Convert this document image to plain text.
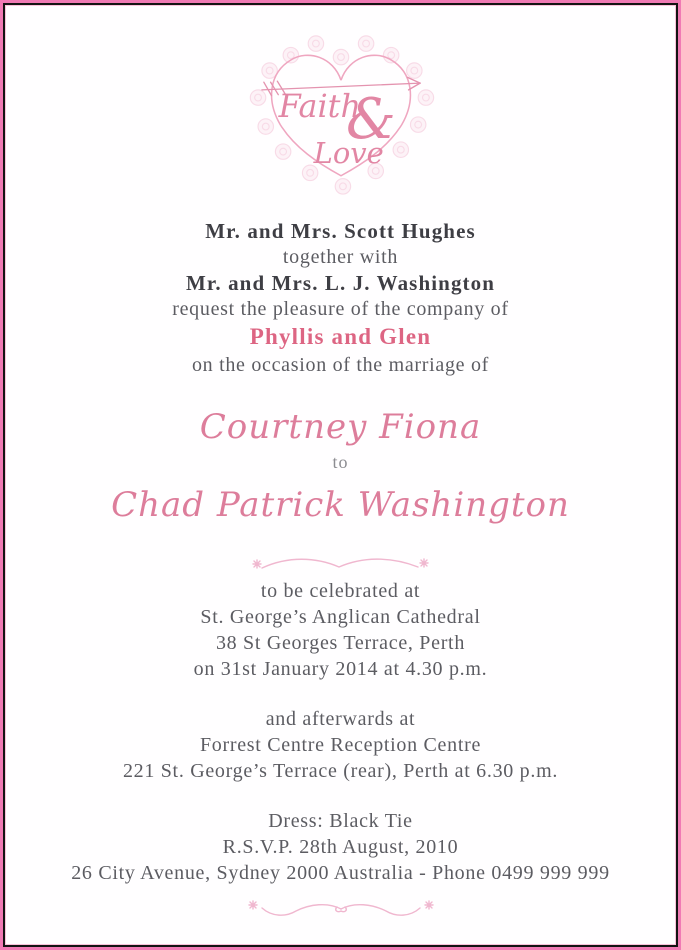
Faith
&
Love
Mr. and Mrs. Scott Hughes
together with
Mr. and Mrs. L. J. Washington
request the pleasure of the company of
Phyllis and Glen
on the occasion of the marriage of
Courtney Fiona
to
Chad Patrick Washington
to be celebrated at
St. George’s Anglican Cathedral
38 St Georges Terrace, Perth
on 31st January 2014 at 4.30 p.m.
and afterwards at
Forrest Centre Reception Centre
221 St. George’s Terrace (rear), Perth at 6.30 p.m.
Dress: Black Tie
R.S.V.P. 28th August, 2010
26 City Avenue, Sydney 2000 Australia - Phone 0499 999 999
